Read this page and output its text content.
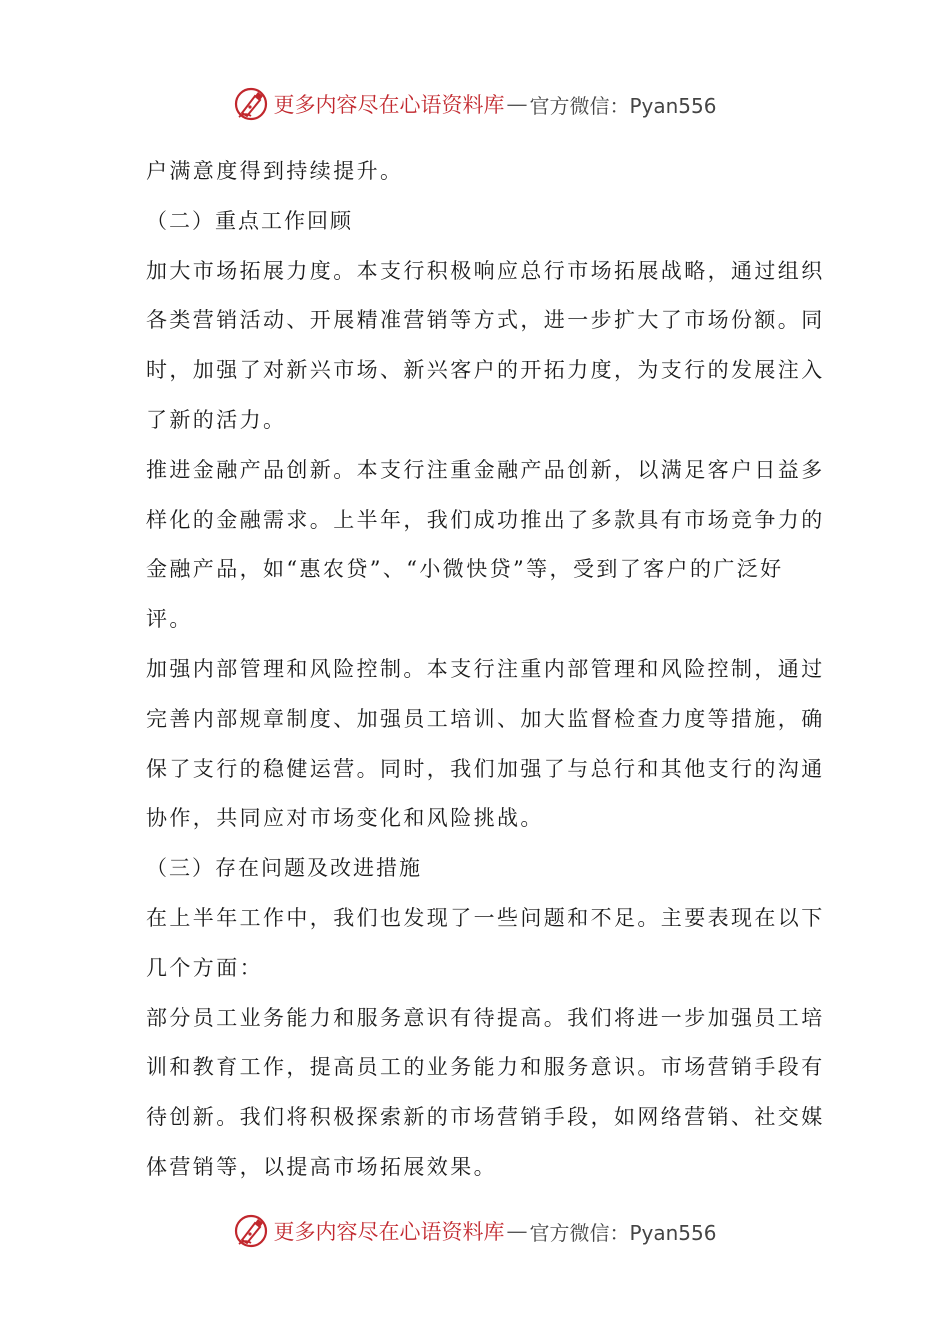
更多内容尽在心语资料库 — 官方微信：Pyan556
户满意度得到持续提升。
（二）重点工作回顾
加大市场拓展力度。本支行积极响应总行市场拓展战略，通过组织
各类营销活动、开展精准营销等方式，进一步扩大了市场份额。同
时，加强了对新兴市场、新兴客户的开拓力度，为支行的发展注入
了新的活力。
推进金融产品创新。本支行注重金融产品创新，以满足客户日益多
样化的金融需求。上半年，我们成功推出了多款具有市场竞争力的
金融产品，如“惠农贷”、“小微快贷”等，受到了客户的广泛好
评。
加强内部管理和风险控制。本支行注重内部管理和风险控制，通过
完善内部规章制度、加强员工培训、加大监督检查力度等措施，确
保了支行的稳健运营。同时，我们加强了与总行和其他支行的沟通
协作，共同应对市场变化和风险挑战。
（三）存在问题及改进措施
在上半年工作中，我们也发现了一些问题和不足。主要表现在以下
几个方面：
部分员工业务能力和服务意识有待提高。我们将进一步加强员工培
训和教育工作，提高员工的业务能力和服务意识。市场营销手段有
待创新。我们将积极探索新的市场营销手段，如网络营销、社交媒
体营销等，以提高市场拓展效果。
更多内容尽在心语资料库 — 官方微信：Pyan556
